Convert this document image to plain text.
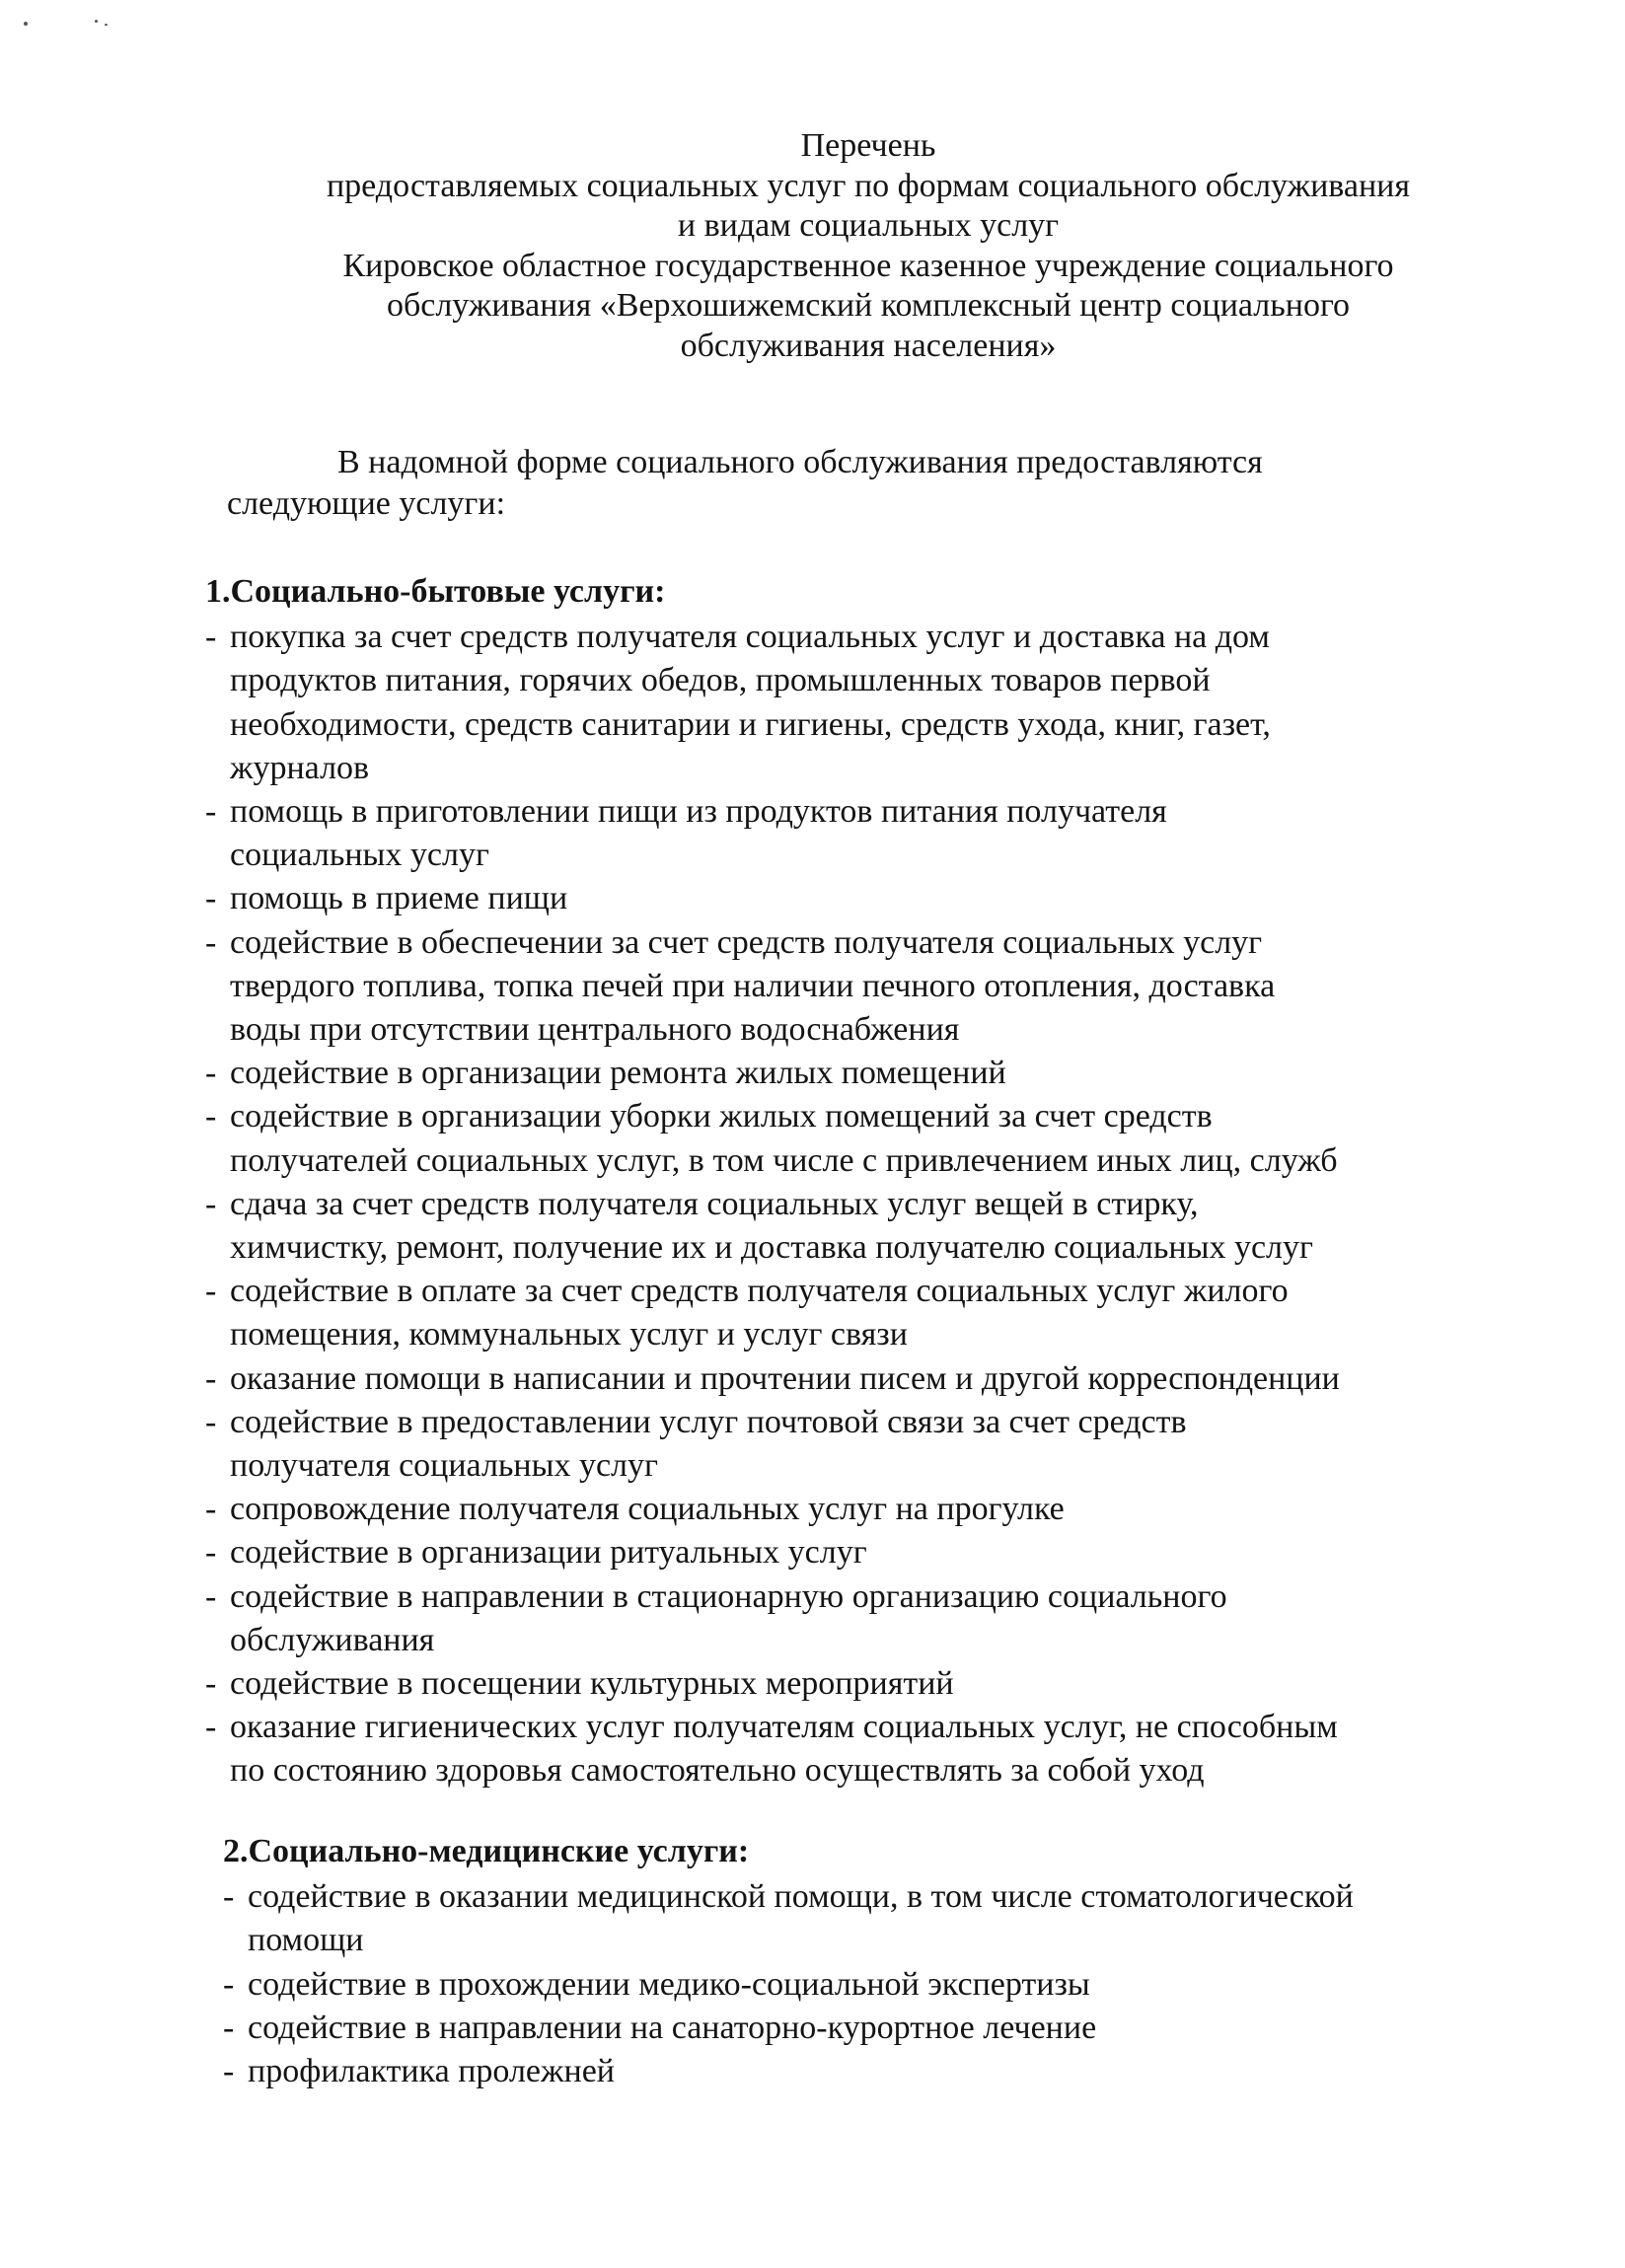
Перечень
предоставляемых социальных услуг по формам социального обслуживания
и видам социальных услуг
Кировское областное государственное казенное учреждение социального
обслуживания «Верхошижемский комплексный центр социального
обслуживания населения»
В надомной форме социального обслуживания предоставляются
следующие услуги:
1.Социально-бытовые услуги:
- покупка за счет средств получателя социальных услуг и доставка на дом
продуктов питания, горячих обедов, промышленных товаров первой
необходимости, средств санитарии и гигиены, средств ухода, книг, газет,
журналов
- помощь в приготовлении пищи из продуктов питания получателя
социальных услуг
- помощь в приеме пищи
- содействие в обеспечении за счет средств получателя социальных услуг
твердого топлива, топка печей при наличии печного отопления, доставка
воды при отсутствии центрального водоснабжения
- содействие в организации ремонта жилых помещений
- содействие в организации уборки жилых помещений за счет средств
получателей социальных услуг, в том числе с привлечением иных лиц, служб
- сдача за счет средств получателя социальных услуг вещей в стирку,
химчистку, ремонт, получение их и доставка получателю социальных услуг
- содействие в оплате за счет средств получателя социальных услуг жилого
помещения, коммунальных услуг и услуг связи
- оказание помощи в написании и прочтении писем и другой корреспонденции
- содействие в предоставлении услуг почтовой связи за счет средств
получателя социальных услуг
- сопровождение получателя социальных услуг на прогулке
- содействие в организации ритуальных услуг
- содействие в направлении в стационарную организацию социального
обслуживания
- содействие в посещении культурных мероприятий
- оказание гигиенических услуг получателям социальных услуг, не способным
по состоянию здоровья самостоятельно осуществлять за собой уход
2.Социально-медицинские услуги:
- содействие в оказании медицинской помощи, в том числе стоматологической
помощи
- содействие в прохождении медико-социальной экспертизы
- содействие в направлении на санаторно-курортное лечение
- профилактика пролежней
